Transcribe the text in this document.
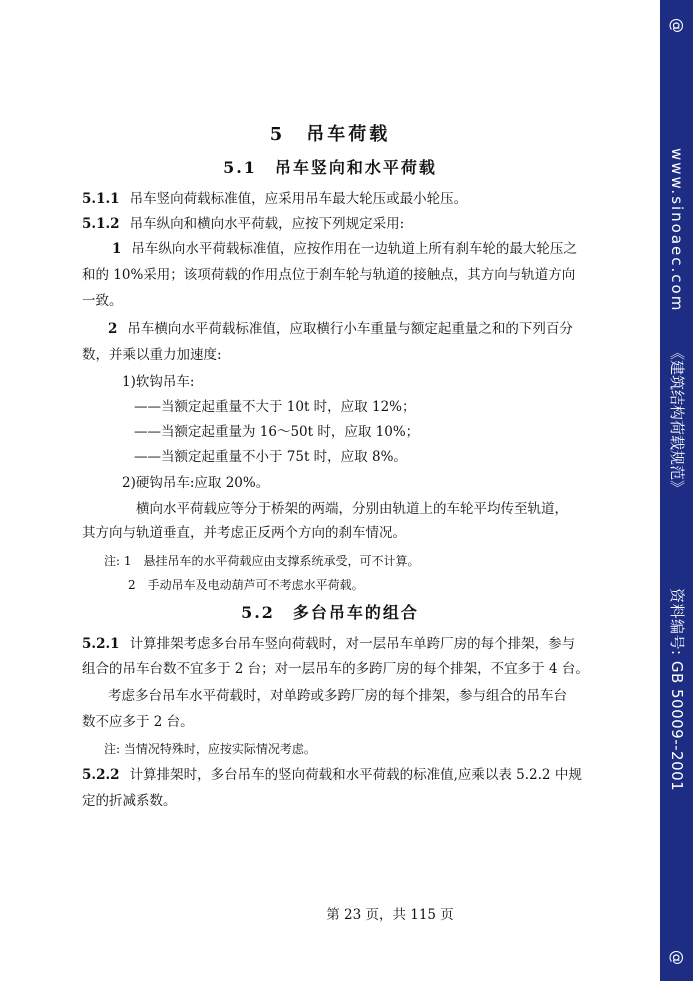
5　吊车荷载
5.1　吊车竖向和水平荷载
5.1.1 吊车竖向荷载标准值，应采用吊车最大轮压或最小轮压。
5.1.2 吊车纵向和横向水平荷载，应按下列规定采用:
1 吊车纵向水平荷载标准值，应按作用在一边轨道上所有刹车轮的最大轮压之
和的 10%采用；该项荷载的作用点位于刹车轮与轨道的接触点，其方向与轨道方向
一致。
2 吊车横向水平荷载标准值，应取横行小车重量与额定起重量之和的下列百分
数，并乘以重力加速度:
1)软钩吊车:
——当额定起重量不大于 10t 时，应取 12%；
——当额定起重量为 16～50t 时，应取 10%；
——当额定起重量不小于 75t 时，应取 8%。
2)硬钩吊车:应取 20%。
横向水平荷载应等分于桥架的两端，分别由轨道上的车轮平均传至轨道，
其方向与轨道垂直，并考虑正反两个方向的刹车情况。
注: 1　悬挂吊车的水平荷载应由支撑系统承受，可不计算。
2　手动吊车及电动葫芦可不考虑水平荷载。
5.2　多台吊车的组合
5.2.1 计算排架考虑多台吊车竖向荷载时，对一层吊车单跨厂房的每个排架，参与
组合的吊车台数不宜多于 2 台；对一层吊车的多跨厂房的每个排架，不宜多于 4 台。
考虑多台吊车水平荷载时，对单跨或多跨厂房的每个排架，参与组合的吊车台
数不应多于 2 台。
注: 当情况特殊时，应按实际情况考虑。
5.2.2 计算排架时，多台吊车的竖向荷载和水平荷载的标准值,应乘以表 5.2.2 中规
定的折减系数。
第 23 页，共 115 页
@
www.sinoaec.com
《建筑结构荷载规范》
资料编号: GB 50009--2001
@
